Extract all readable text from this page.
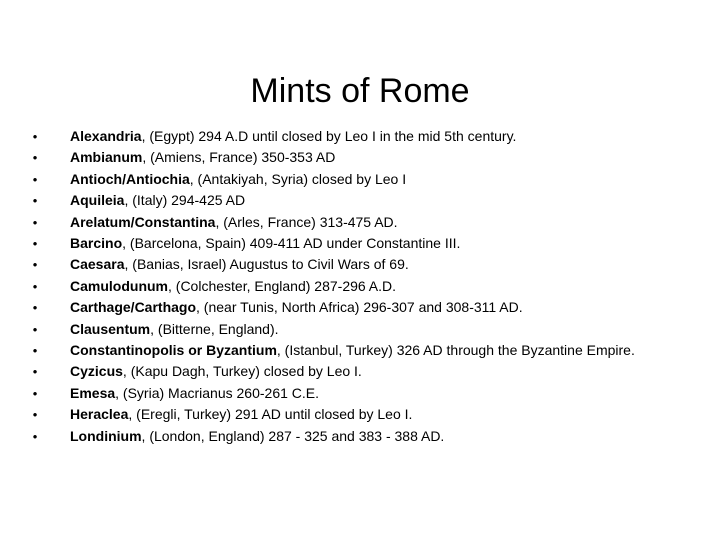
Mints of Rome
• Alexandria, (Egypt) 294 A.D until closed by Leo I in the mid 5th century.
• Ambianum, (Amiens, France) 350-353 AD
• Antioch/Antiochia, (Antakiyah, Syria) closed by Leo I
• Aquileia, (Italy) 294-425 AD
• Arelatum/Constantina, (Arles, France) 313-475 AD.
• Barcino, (Barcelona, Spain) 409-411 AD under Constantine III.
• Caesara, (Banias, Israel) Augustus to Civil Wars of 69.
• Camulodunum, (Colchester, England) 287-296 A.D.
• Carthage/Carthago, (near Tunis, North Africa) 296-307 and 308-311 AD.
• Clausentum, (Bitterne, England).
• Constantinopolis or Byzantium, (Istanbul, Turkey) 326 AD through the Byzantine Empire.
• Cyzicus, (Kapu Dagh, Turkey) closed by Leo I.
• Emesa, (Syria) Macrianus 260-261 C.E.
• Heraclea, (Eregli, Turkey) 291 AD until closed by Leo I.
• Londinium, (London, England) 287 - 325 and 383 - 388 AD.
